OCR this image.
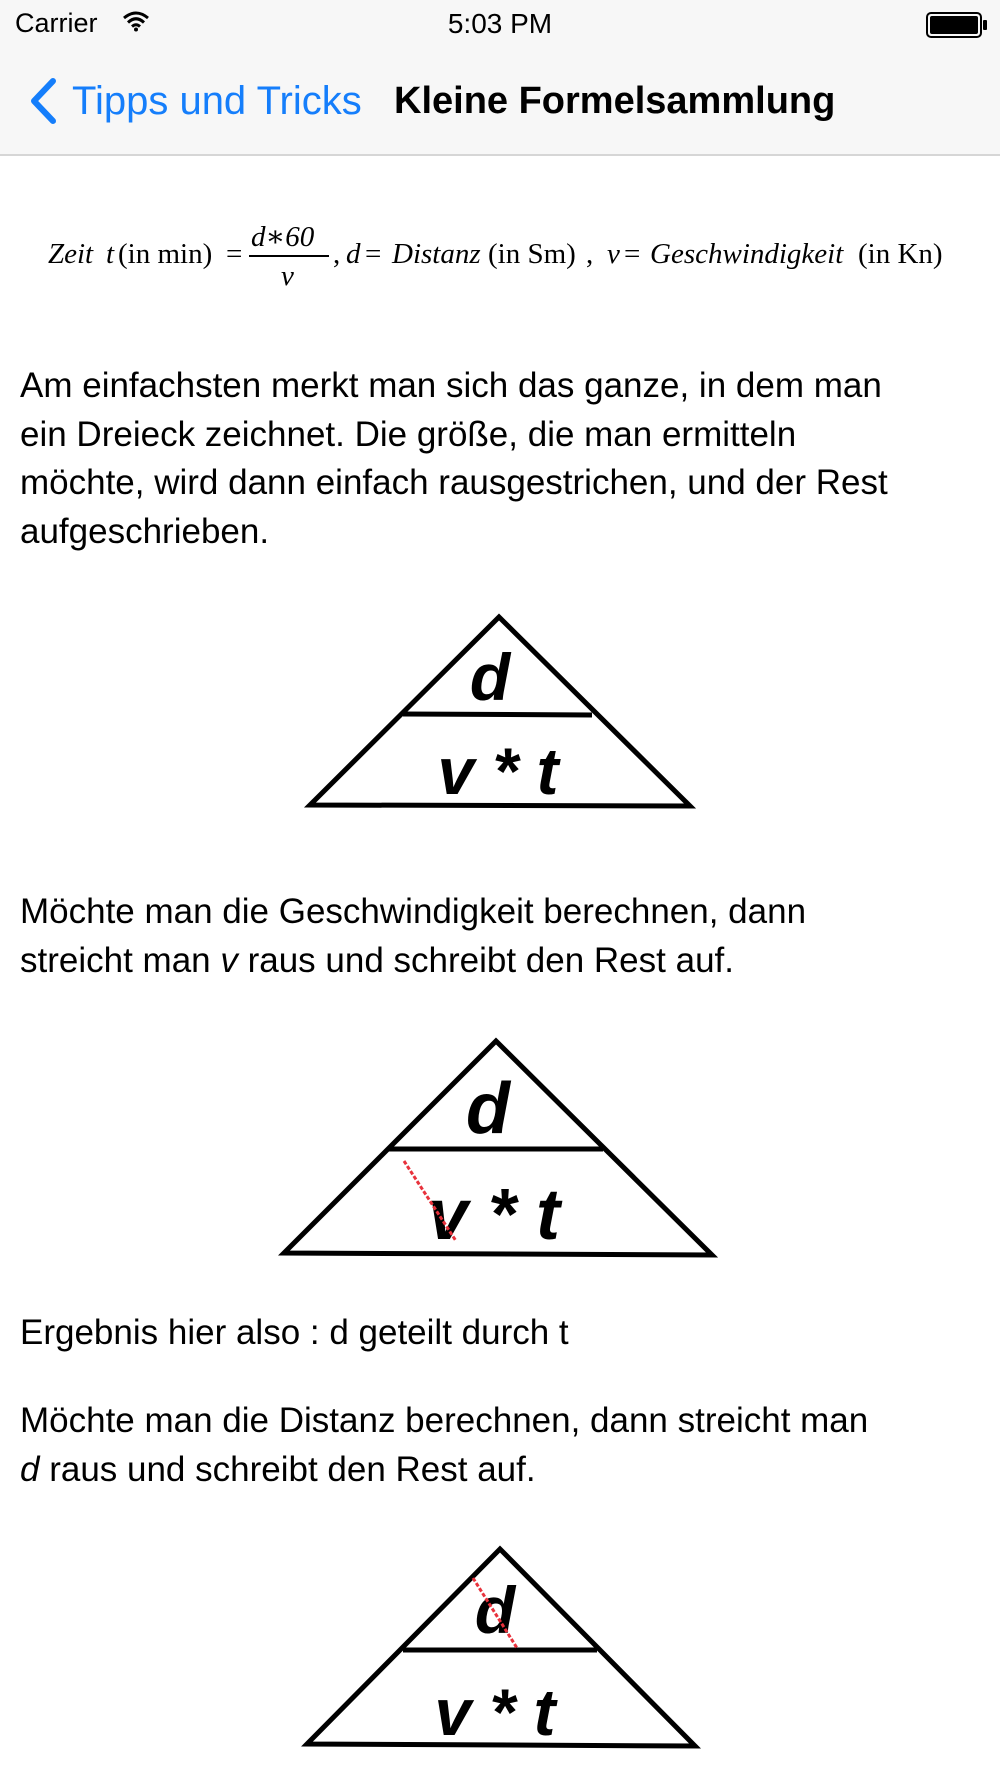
Carrier	5:03 PM
Tipps und Tricks Kleine Formelsammlung
Zeit t (in min) =
d∗60
v
, d = Distanz (in Sm) , v = Geschwindigkeit (in Kn)
Am einfachsten merkt man sich das ganze, in dem man
ein Dreieck zeichnet. Die größe, die man ermitteln
möchte, wird dann einfach rausgestrichen, und der Rest
aufgeschrieben.
d
v * t
Möchte man die Geschwindigkeit berechnen, dann
streicht man v raus und schreibt den Rest auf.
d
v * t
Ergebnis hier also : d geteilt durch t
Möchte man die Distanz berechnen, dann streicht man
d raus und schreibt den Rest auf.
d
v * t
